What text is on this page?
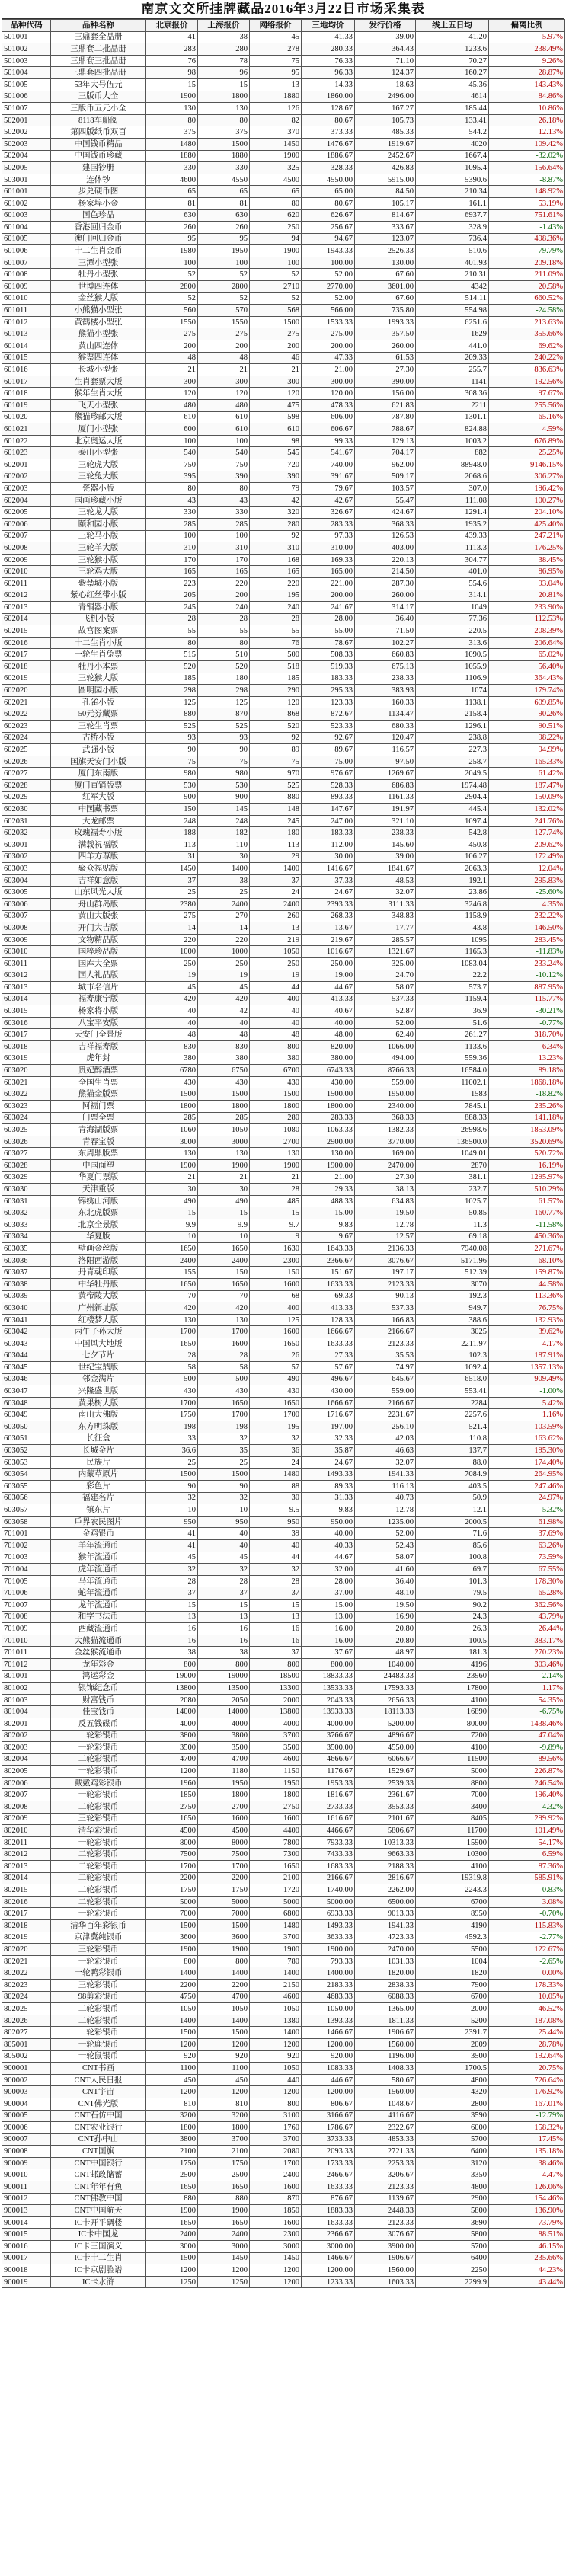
南京文交所挂牌藏品2016年3月22日市场采集表
品种代码	品种名称	北京报价	上海报价	网络报价	三地均价	发行价格	线上五日均	偏离比例
501001	三鼎套全品册	41	38	45	41.33	39.00	41.20	5.97%
501002	三鼎套二批品册	283	280	278	280.33	364.43	1233.6	238.49%
501003	三鼎套三批品册	76	78	75	76.33	71.10	70.27	9.26%
501004	三鼎套四批品册	98	96	95	96.33	124.37	160.27	28.87%
501005	53年大号伍元	15	15	13	14.33	18.63	45.36	143.43%
501006	三版币大全	1900	1800	1880	1860.00	2496.00	4614	84.86%
501007	三版币五元小全	130	130	126	128.67	167.27	185.44	10.86%
502001	8118车船阅	80	80	82	80.67	105.73	133.41	26.18%
502002	第四版纸币双百	375	375	370	373.33	485.33	544.2	12.13%
502003	中国钱币精品	1480	1500	1450	1476.67	1919.67	4020	109.42%
502004	中国钱币珍藏	1880	1880	1900	1886.67	2452.67	1667.4	-32.02%
502005	建国钞册	330	330	325	328.33	426.83	1095.4	156.64%
503001	连体钞	4600	4550	4500	4550.00	5915.00	5390.6	-8.87%
601001	步兑硬币图	65	65	65	65.00	84.50	210.34	148.92%
601002	杨家埠小金	81	81	80	80.67	105.17	161.1	53.19%
601003	国色珍品	630	630	620	626.67	814.67	6937.7	751.61%
601004	香港回归金币	260	260	250	256.67	333.67	328.9	-1.43%
601005	澳门回归金币	95	95	94	94.67	123.07	736.4	498.36%
601006	十二生肖金币	1980	1950	1900	1943.33	2526.33	510.6	-79.79%
601007	三潭小型张	100	100	100	100.00	130.00	401.93	209.18%
601008	牡丹小型张	52	52	52	52.00	67.60	210.31	211.09%
601009	世博四连体	2800	2800	2710	2770.00	3601.00	4342	20.58%
601010	金丝猴大版	52	52	52	52.00	67.60	514.11	660.52%
601011	小熊猫小型张	560	570	568	566.00	735.80	554.98	-24.58%
601012	黄鹤楼小型张	1550	1550	1500	1533.33	1993.33	6251.6	213.63%
601013	熊猫小型张	275	275	275	275.00	357.50	1629	355.66%
601014	黄山四连体	200	200	200	200.00	260.00	441.0	69.62%
601015	猴票四连体	48	48	46	47.33	61.53	209.33	240.22%
601016	长城小型张	21	21	21	21.00	27.30	255.7	836.63%
601017	生肖套票大版	300	300	300	300.00	390.00	1141	192.56%
601018	猴年生肖大版	120	120	120	120.00	156.00	308.36	97.67%
601019	飞天小型张	480	480	475	478.33	621.83	2211	255.56%
601020	熊猫珍邮大版	610	610	598	606.00	787.80	1301.1	65.16%
601021	厦门小型张	600	610	610	606.67	788.67	824.88	4.59%
601022	北京奥运大版	100	100	98	99.33	129.13	1003.2	676.89%
601023	泰山小型张	540	540	545	541.67	704.17	882	25.25%
602001	三轮虎大版	750	750	720	740.00	962.00	88948.0	9146.15%
602002	三轮兔大版	395	390	390	391.67	509.17	2068.6	306.27%
602003	瓷器小版	80	80	79	79.67	103.57	307.0	196.42%
602004	国画珍藏小版	43	43	42	42.67	55.47	111.08	100.27%
602005	三轮龙大版	330	330	320	326.67	424.67	1291.4	204.10%
602006	颐和园小版	285	285	280	283.33	368.33	1935.2	425.40%
602007	三轮马小版	100	100	92	97.33	126.53	439.33	247.21%
602008	三轮羊大版	310	310	310	310.00	403.00	1113.3	176.25%
602009	三轮猴小版	170	170	168	169.33	220.13	304.77	38.45%
602010	三轮鸡大版	165	165	165	165.00	214.50	401.0	86.95%
602011	紫禁城小版	223	220	220	221.00	287.30	554.6	93.04%
602012	紫心红丝带小版	205	200	195	200.00	260.00	314.1	20.81%
602013	青铜器小版	245	240	240	241.67	314.17	1049	233.90%
602014	飞机小版	28	28	28	28.00	36.40	77.36	112.53%
602015	故宫图案票	55	55	55	55.00	71.50	220.5	208.39%
602016	十二生肖小版	80	80	76	78.67	102.27	313.6	206.64%
602017	一轮生肖兔票	515	510	500	508.33	660.83	1090.5	65.02%
602018	牡丹小本票	520	520	518	519.33	675.13	1055.9	56.40%
602019	三轮猴大版	185	180	185	183.33	238.33	1106.9	364.43%
602020	圆明园小版	298	298	290	295.33	383.93	1074	179.74%
602021	孔雀小版	125	125	120	123.33	160.33	1138.1	609.85%
602022	50元券藏票	880	870	868	872.67	1134.47	2158.4	90.26%
602023	三轮生肖票	525	525	520	523.33	680.33	1296.1	90.51%
602024	古桥小版	93	93	92	92.67	120.47	238.8	98.22%
602025	武强小版	90	90	89	89.67	116.57	227.3	94.99%
602026	国旗天安门小版	75	75	75	75.00	97.50	258.7	165.33%
602027	厦门东南版	980	980	970	976.67	1269.67	2049.5	61.42%
602028	厦门直销版票	530	530	525	528.33	686.83	1974.48	187.47%
602029	红军大版	900	900	880	893.33	1161.33	2904.4	150.09%
602030	中国藏书票	150	145	148	147.67	191.97	445.4	132.02%
602031	大龙邮票	248	248	245	247.00	321.10	1097.4	241.76%
602032	玫瑰福寿小版	188	182	180	183.33	238.33	542.8	127.74%
603001	满载祝福版	113	110	113	112.00	145.60	450.8	209.62%
603002	四羊方尊版	31	30	29	30.00	39.00	106.27	172.49%
603003	聚众福贴版	1450	1400	1400	1416.67	1841.67	2063.3	12.04%
603004	吉祥如意版	37	38	37	37.33	48.53	192.1	295.83%
603005	山东风光大版	25	25	24	24.67	32.07	23.86	-25.60%
603006	舟山群岛版	2380	2400	2400	2393.33	3111.33	3246.8	4.35%
603007	黄山大版张	275	270	260	268.33	348.83	1158.9	232.22%
603008	开门大吉版	14	14	13	13.67	17.77	43.8	146.50%
603009	文物精品版	220	220	219	219.67	285.57	1095	283.45%
603010	国粹珍品版	1000	1000	1050	1016.67	1321.67	1165.3	-11.83%
603011	国库大全票	250	250	250	250.00	325.00	1083.04	233.24%
603012	国人礼品版	19	19	19	19.00	24.70	22.2	-10.12%
603013	城市名信片	45	45	44	44.67	58.07	573.7	887.95%
603014	福寿康宁版	420	420	400	413.33	537.33	1159.4	115.77%
603015	杨家将小版	40	42	40	40.67	52.87	36.9	-30.21%
603016	八宝平安版	40	40	40	40.00	52.00	51.6	-0.77%
603017	天安门全景版	48	48	48	48.00	62.40	261.27	318.70%
603018	吉祥福寿版	830	830	800	820.00	1066.00	1133.6	6.34%
603019	虎年封	380	380	380	380.00	494.00	559.36	13.23%
603020	贵妃醉酒票	6780	6750	6700	6743.33	8766.33	16584.0	89.18%
603021	全国生肖票	430	430	430	430.00	559.00	11002.1	1868.18%
603022	熊猫金版票	1500	1500	1500	1500.00	1950.00	1583	-18.82%
603023	阿福门票	1800	1800	1800	1800.00	2340.00	7845.1	235.26%
603024	门票全票	285	285	280	283.33	368.33	888.33	141.18%
603025	青海湖版票	1060	1050	1080	1063.33	1382.33	26998.6	1853.09%
603026	青春宝版	3000	3000	2700	2900.00	3770.00	136500.0	3520.69%
603027	东周鼎版票	130	130	130	130.00	169.00	1049.01	520.72%
603028	中国面塑	1900	1900	1900	1900.00	2470.00	2870	16.19%
603029	华夏门票版	21	21	21	21.00	27.30	381.1	1295.97%
603030	天津重版	30	30	28	29.33	38.13	232.7	510.29%
603031	锦绣山河版	490	490	485	488.33	634.83	1025.7	61.57%
603032	东北虎版票	15	15	15	15.00	19.50	50.85	160.77%
603033	北京全景版	9.9	9.9	9.7	9.83	12.78	11.3	-11.58%
603034	华夏版	10	10	9	9.67	12.57	69.18	450.36%
603035	壁画金丝版	1650	1650	1630	1643.33	2136.33	7940.08	271.67%
603036	洛阳西游版	2400	2400	2300	2366.67	3076.67	5171.96	68.10%
603037	丹青魂印版	155	150	150	151.67	197.17	512.39	159.87%
603038	中华牡丹版	1650	1650	1600	1633.33	2123.33	3070	44.58%
603039	黄帝陵大版	70	70	68	69.33	90.13	192.3	113.36%
603040	广州新址版	420	420	400	413.33	537.33	949.7	76.75%
603041	红楼梦大版	130	130	125	128.33	166.83	388.6	132.93%
603042	丙午子孙大版	1700	1700	1600	1666.67	2166.67	3025	39.62%
603043	中国风大地版	1650	1600	1650	1633.33	2123.33	2211.97	4.17%
603044	七夕节片	28	28	26	27.33	35.53	102.3	187.91%
603045	世纪宝鼎版	58	58	57	57.67	74.97	1092.4	1357.13%
603046	邻金满片	500	500	490	496.67	645.67	6518.0	909.49%
603047	兴隆盛世版	430	430	430	430.00	559.00	553.41	-1.00%
603048	黄果树大版	1700	1650	1650	1666.67	2166.67	2284	5.42%
603049	南山大佛版	1750	1700	1700	1716.67	2231.67	2257.6	1.16%
603050	东方明珠版	198	198	195	197.00	256.10	521.4	103.59%
603051	长征盒	33	32	32	32.33	42.03	110.8	163.62%
603052	长城金片	36.6	35	36	35.87	46.63	137.7	195.30%
603053	民族片	25	25	24	24.67	32.07	88.0	174.40%
603054	内蒙草原片	1500	1500	1480	1493.33	1941.33	7084.9	264.95%
603055	彩色片	90	90	88	89.33	116.13	403.5	247.46%
603056	福建名片	32	32	30	31.33	40.73	50.9	24.97%
603057	镇东片	10	10	9.5	9.83	12.78	12.1	-5.32%
603058	戶界农民图片	950	950	950	950.00	1235.00	2000.5	61.98%
701001	金鸡银币	41	40	39	40.00	52.00	71.6	37.69%
701002	羊年流通币	41	40	40	40.33	52.43	85.6	63.26%
701003	猴年流通币	45	45	44	44.67	58.07	100.8	73.59%
701004	虎年流通币	32	32	32	32.00	41.60	69.7	67.55%
701005	马年流通币	28	28	28	28.00	36.40	101.3	178.30%
701006	蛇年流通币	37	37	37	37.00	48.10	79.5	65.28%
701007	龙年流通币	15	15	15	15.00	19.50	90.2	362.56%
701008	和字书法币	13	13	13	13.00	16.90	24.3	43.79%
701009	西藏流通币	16	16	16	16.00	20.80	26.3	26.44%
701010	大熊猫流通币	16	16	16	16.00	20.80	100.5	383.17%
701011	金丝猴流通币	38	38	37	37.67	48.97	181.3	270.23%
701012	龙年彩金	800	800	800	800.00	1040.00	4196	303.46%
801001	鸿运彩金	19000	19000	18500	18833.33	24483.33	23960	-2.14%
801002	银饰纪念币	13800	13500	13300	13533.33	17593.33	17800	1.17%
801003	财富钱币	2080	2050	2000	2043.33	2656.33	4100	54.35%
801004	佳宝钱币	14000	14000	13800	13933.33	18113.33	16890	-6.75%
802001	反五钱碟币	4000	4000	4000	4000.00	5200.00	80000	1438.46%
802002	一轮彩银币	3800	3800	3700	3766.67	4896.67	7200	47.04%
802003	一轮彩银币	3500	3500	3500	3500.00	4550.00	4100	-9.89%
802004	二轮彩银币	4700	4700	4600	4666.67	6066.67	11500	89.56%
802005	一轮彩银币	1200	1180	1150	1176.67	1529.67	5000	226.87%
802006	戴戴鸡彩银币	1960	1950	1950	1953.33	2539.33	8800	246.54%
802007	一轮彩银币	1850	1800	1800	1816.67	2361.67	7000	196.40%
802008	二轮彩银币	2750	2700	2750	2733.33	3553.33	3400	-4.32%
802009	三轮彩银币	1650	1600	1600	1616.67	2101.67	8405	299.92%
802010	清华彩银币	4500	4500	4400	4466.67	5806.67	11700	101.49%
802011	一轮彩银币	8000	8000	7800	7933.33	10313.33	15900	54.17%
802012	二轮彩银币	7500	7500	7300	7433.33	9663.33	10300	6.59%
802013	二轮彩银币	1700	1700	1650	1683.33	2188.33	4100	87.36%
802014	二轮彩银币	2200	2200	2100	2166.67	2816.67	19319.8	585.91%
802015	二轮彩银币	1750	1750	1720	1740.00	2262.00	2243.3	-0.83%
802016	二轮彩银币	5000	5000	5000	5000.00	6500.00	6700	3.08%
802017	一轮彩银币	7000	7000	6800	6933.33	9013.33	8950	-0.70%
802018	清华百年彩银币	1500	1500	1480	1493.33	1941.33	4190	115.83%
802019	京津冀纯银币	3600	3600	3700	3633.33	4723.33	4592.3	-2.77%
802020	三轮彩银币	1900	1900	1900	1900.00	2470.00	5500	122.67%
802021	一轮彩银币	800	800	780	793.33	1031.33	1004	-2.65%
802022	一轮鸭彩银币	1400	1400	1400	1400.00	1820.00	1820	0.00%
802023	三轮彩银币	2200	2200	2150	2183.33	2838.33	7900	178.33%
802024	98剪彩银币	4750	4700	4600	4683.33	6088.33	6700	10.05%
802025	二轮彩银币	1050	1050	1050	1050.00	1365.00	2000	46.52%
802026	二轮彩银币	1400	1400	1380	1393.33	1811.33	5200	187.08%
802027	一轮彩银币	1500	1500	1400	1466.67	1906.67	2391.7	25.44%
805001	一轮鹿银币	1200	1200	1200	1200.00	1560.00	2009	28.78%
805002	一轮鼠银币	920	920	920	920.00	1196.00	3500	192.64%
900001	CNT书画	1100	1100	1050	1083.33	1408.33	1700.5	20.75%
900002	CNT人民日报	450	450	440	446.67	580.67	4800	726.64%
900003	CNT宇宙	1200	1200	1200	1200.00	1560.00	4320	176.92%
900004	CNT佛光版	810	810	800	806.67	1048.67	2800	167.01%
900005	CNT石仿中国	3200	3200	3100	3166.67	4116.67	3590	-12.79%
900006	CNT农业银行	1800	1800	1760	1786.67	2322.67	6000	158.32%
900007	CNT孙中山	3800	3700	3700	3733.33	4853.33	5700	17.45%
900008	CNT国旗	2100	2100	2080	2093.33	2721.33	6400	135.18%
900009	CNT中国银行	1750	1750	1700	1733.33	2253.33	3120	38.46%
900010	CNT邮政储蓄	2500	2500	2400	2466.67	3206.67	3350	4.47%
900011	CNT年年有鱼	1650	1650	1600	1633.33	2123.33	4800	126.06%
900012	CNT佛教中国	880	880	870	876.67	1139.67	2900	154.46%
900013	CNT中国航天	1900	1900	1850	1883.33	2448.33	5800	136.90%
900014	IC卡开平碉楼	1650	1650	1600	1633.33	2123.33	3690	73.79%
900015	IC卡中国龙	2400	2400	2300	2366.67	3076.67	5800	88.51%
900016	IC卡三国演义	3000	3000	3000	3000.00	3900.00	5700	46.15%
900017	IC卡十二生肖	1500	1450	1450	1466.67	1906.67	6400	235.66%
900018	IC卡京剧脸谱	1200	1200	1200	1200.00	1560.00	2250	44.23%
900019	IC卡水浒	1250	1250	1200	1233.33	1603.33	2299.9	43.44%
